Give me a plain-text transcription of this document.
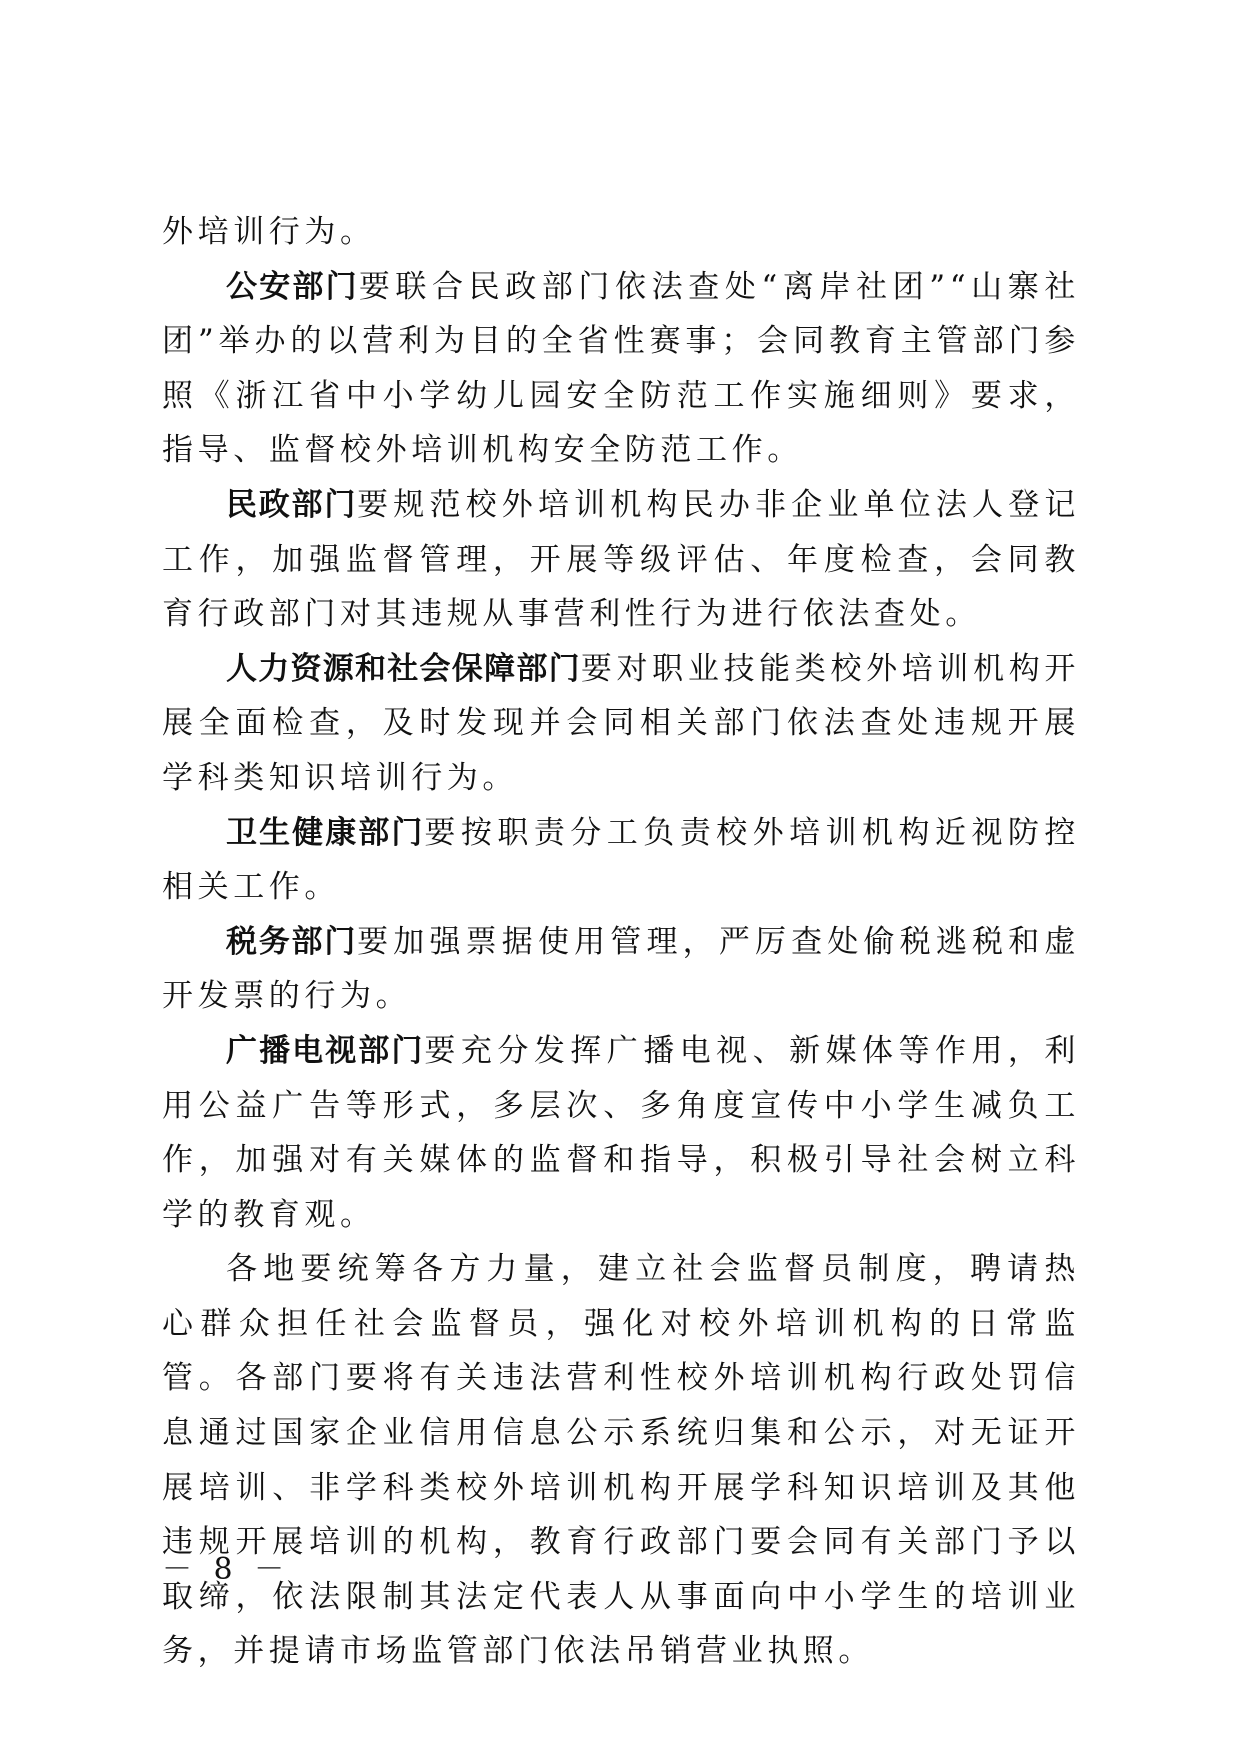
外培训行为。

公安部门要联合民政部门依法查处“离岸社团”“山寨社团”举办的以营利为目的全省性赛事；会同教育主管部门参照《浙江省中小学幼儿园安全防范工作实施细则》要求，指导、监督校外培训机构安全防范工作。

民政部门要规范校外培训机构民办非企业单位法人登记工作，加强监督管理，开展等级评估、年度检查，会同教育行政部门对其违规从事营利性行为进行依法查处。

人力资源和社会保障部门要对职业技能类校外培训机构开展全面检查，及时发现并会同相关部门依法查处违规开展学科类知识培训行为。

卫生健康部门要按职责分工负责校外培训机构近视防控相关工作。

税务部门要加强票据使用管理，严厉查处偷税逃税和虚开发票的行为。

广播电视部门要充分发挥广播电视、新媒体等作用，利用公益广告等形式，多层次、多角度宣传中小学生减负工作，加强对有关媒体的监督和指导，积极引导社会树立科学的教育观。

各地要统筹各方力量，建立社会监督员制度，聘请热心群众担任社会监督员，强化对校外培训机构的日常监管。各部门要将有关违法营利性校外培训机构行政处罚信息通过国家企业信用信息公示系统归集和公示，对无证开展培训、非学科类校外培训机构开展学科知识培训及其他违规开展培训的机构，教育行政部门要会同有关部门予以取缔，依法限制其法定代表人从事面向中小学生的培训业务，并提请市场监管部门依法吊销营业执照。

－ 8 －
